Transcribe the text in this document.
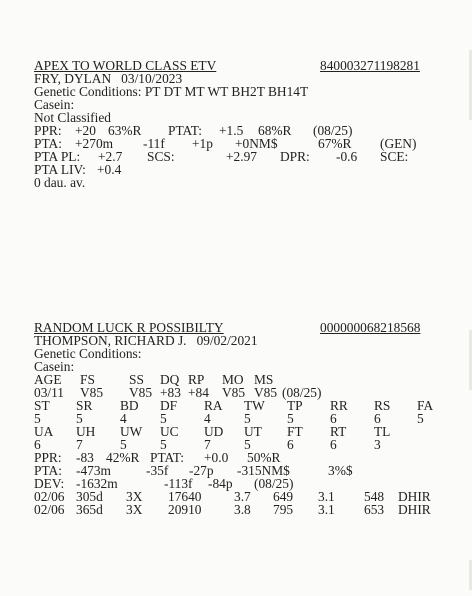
APEX TO WORLD CLASS ETV	840003271198281
FRY, DYLAN   03/10/2023
Genetic Conditions: PT DT MT WT BH2T BH14T
Casein:
Not Classified
PPR: +20 63%R PTAT: +1.5 68%R (08/25)
PTA: +270m -11f +1p +0NM$	67%R (GEN)
PTA PL: +2.7 SCS:	+2.97 DPR: -0.6 SCE:
PTA LIV: +0.4
0 dau. av.
RANDOM LUCK R POSSIBILTY	000000068218568
THOMPSON, RICHARD J.   09/02/2021
Genetic Conditions:
Casein:
AGE FS	SS DQ RP MO MS
03/11 V85 V85 +83 +84 V85 V85 (08/25)
ST SR BD DF RA TW TP RR RS FA
5	5	4 5	4 5	5	6	6	5
UA UH UW UC UD UT FT RT TL
6	7	5 5	7 5	6	6	3
PPR: -83 42%R PTAT: +0.0 50%R
PTA: -473m	-35f -27p -315NM$	3%$
DEV: -1632m	-113f -84p (08/25)
02/06 305d 3X 17640 3.7 649 3.1 548 DHIR
02/06 365d 3X 20910 3.8 795 3.1 653 DHIR
